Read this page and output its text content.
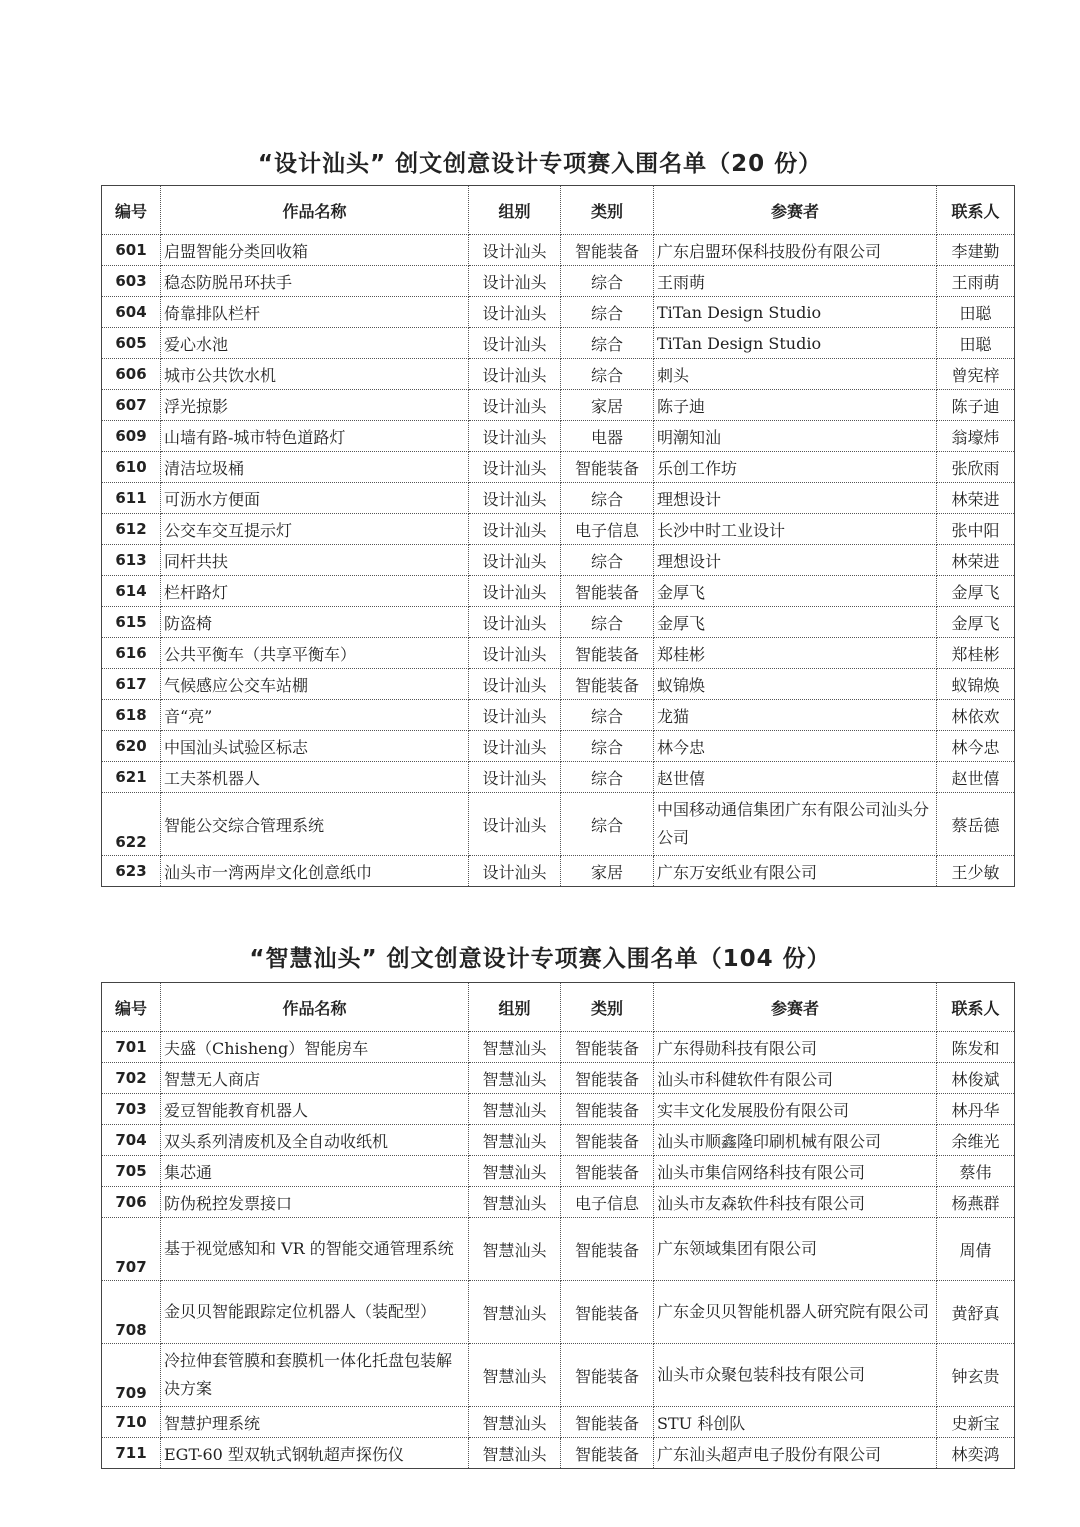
“设计汕头” 创文创意设计专项赛入围名单（20 份）
编号	作品名称	组别	类别	参赛者	联系人
601	启盟智能分类回收箱	设计汕头	智能装备	广东启盟环保科技股份有限公司	李建勤
603	稳态防脱吊环扶手	设计汕头	综合	王雨萌	王雨萌
604	倚靠排队栏杆	设计汕头	综合	TiTan Design Studio	田聪
605	爱心水池	设计汕头	综合	TiTan Design Studio	田聪
606	城市公共饮水机	设计汕头	综合	刺头	曾宪梓
607	浮光掠影	设计汕头	家居	陈子迪	陈子迪
609	山墙有路-城市特色道路灯	设计汕头	电器	明潮知汕	翁壕炜
610	清洁垃圾桶	设计汕头	智能装备	乐创工作坊	张欣雨
611	可沥水方便面	设计汕头	综合	理想设计	林荣进
612	公交车交互提示灯	设计汕头	电子信息	长沙中时工业设计	张中阳
613	同杆共扶	设计汕头	综合	理想设计	林荣进
614	栏杆路灯	设计汕头	智能装备	金厚飞	金厚飞
615	防盗椅	设计汕头	综合	金厚飞	金厚飞
616	公共平衡车（共享平衡车）	设计汕头	智能装备	郑桂彬	郑桂彬
617	气候感应公交车站棚	设计汕头	智能装备	蚁锦焕	蚁锦焕
618	音“亮”	设计汕头	综合	龙猫	林依欢
620	中国汕头试验区标志	设计汕头	综合	林今忠	林今忠
621	工夫茶机器人	设计汕头	综合	赵世僖	赵世僖
622	智能公交综合管理系统	设计汕头	综合	中国移动通信集团广东有限公司汕头分公司	蔡岳德
623	汕头市一湾两岸文化创意纸巾	设计汕头	家居	广东万安纸业有限公司	王少敏
“智慧汕头” 创文创意设计专项赛入围名单（104 份）
编号	作品名称	组别	类别	参赛者	联系人
701	夫盛（Chisheng）智能房车	智慧汕头	智能装备	广东得勋科技有限公司	陈发和
702	智慧无人商店	智慧汕头	智能装备	汕头市科健软件有限公司	林俊斌
703	爱豆智能教育机器人	智慧汕头	智能装备	实丰文化发展股份有限公司	林丹华
704	双头系列清废机及全自动收纸机	智慧汕头	智能装备	汕头市顺鑫隆印刷机械有限公司	余维光
705	集芯通	智慧汕头	智能装备	汕头市集信网络科技有限公司	蔡伟
706	防伪税控发票接口	智慧汕头	电子信息	汕头市友森软件科技有限公司	杨燕群
707	基于视觉感知和 VR 的智能交通管理系统	智慧汕头	智能装备	广东领域集团有限公司	周倩
708	金贝贝智能跟踪定位机器人（装配型）	智慧汕头	智能装备	广东金贝贝智能机器人研究院有限公司	黄舒真
709	冷拉伸套管膜和套膜机一体化托盘包装解决方案	智慧汕头	智能装备	汕头市众聚包装科技有限公司	钟玄贵
710	智慧护理系统	智慧汕头	智能装备	STU 科创队	史新宝
711	EGT-60 型双轨式钢轨超声探伤仪	智慧汕头	智能装备	广东汕头超声电子股份有限公司	林奕鸿
